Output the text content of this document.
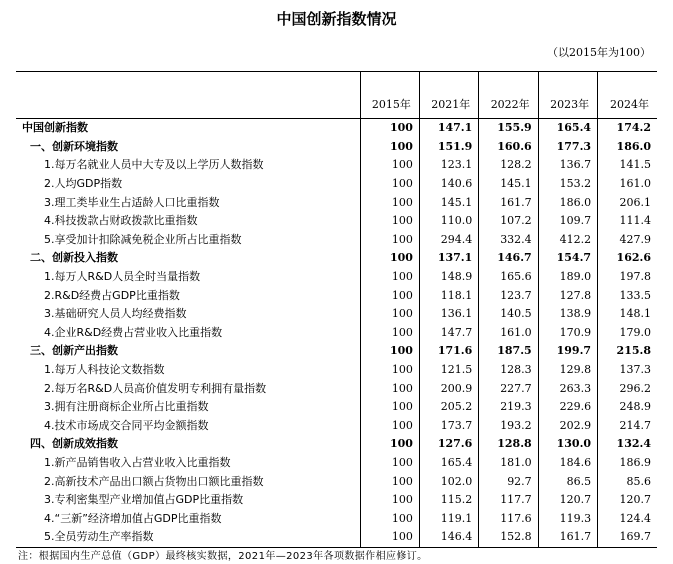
中国创新指数情况
（以2015年为100）
	2015年	2021年	2022年	2023年	2024年
中国创新指数	100	147.1	155.9	165.4	174.2
一、创新环境指数	100	151.9	160.6	177.3	186.0
1.每万名就业人员中大专及以上学历人数指数	100	123.1	128.2	136.7	141.5
2.人均GDP指数	100	140.6	145.1	153.2	161.0
3.理工类毕业生占适龄人口比重指数	100	145.1	161.7	186.0	206.1
4.科技拨款占财政拨款比重指数	100	110.0	107.2	109.7	111.4
5.享受加计扣除减免税企业所占比重指数	100	294.4	332.4	412.2	427.9
二、创新投入指数	100	137.1	146.7	154.7	162.6
1.每万人R&D人员全时当量指数	100	148.9	165.6	189.0	197.8
2.R&D经费占GDP比重指数	100	118.1	123.7	127.8	133.5
3.基础研究人员人均经费指数	100	136.1	140.5	138.9	148.1
4.企业R&D经费占营业收入比重指数	100	147.7	161.0	170.9	179.0
三、创新产出指数	100	171.6	187.5	199.7	215.8
1.每万人科技论文数指数	100	121.5	128.3	129.8	137.3
2.每万名R&D人员高价值发明专利拥有量指数	100	200.9	227.7	263.3	296.2
3.拥有注册商标企业所占比重指数	100	205.2	219.3	229.6	248.9
4.技术市场成交合同平均金额指数	100	173.7	193.2	202.9	214.7
四、创新成效指数	100	127.6	128.8	130.0	132.4
1.新产品销售收入占营业收入比重指数	100	165.4	181.0	184.6	186.9
2.高新技术产品出口额占货物出口额比重指数	100	102.0	92.7	86.5	85.6
3.专利密集型产业增加值占GDP比重指数	100	115.2	117.7	120.7	120.7
4.“三新”经济增加值占GDP比重指数	100	119.1	117.6	119.3	124.4
5.全员劳动生产率指数	100	146.4	152.8	161.7	169.7
注：根据国内生产总值（GDP）最终核实数据，2021年—2023年各项数据作相应修订。
